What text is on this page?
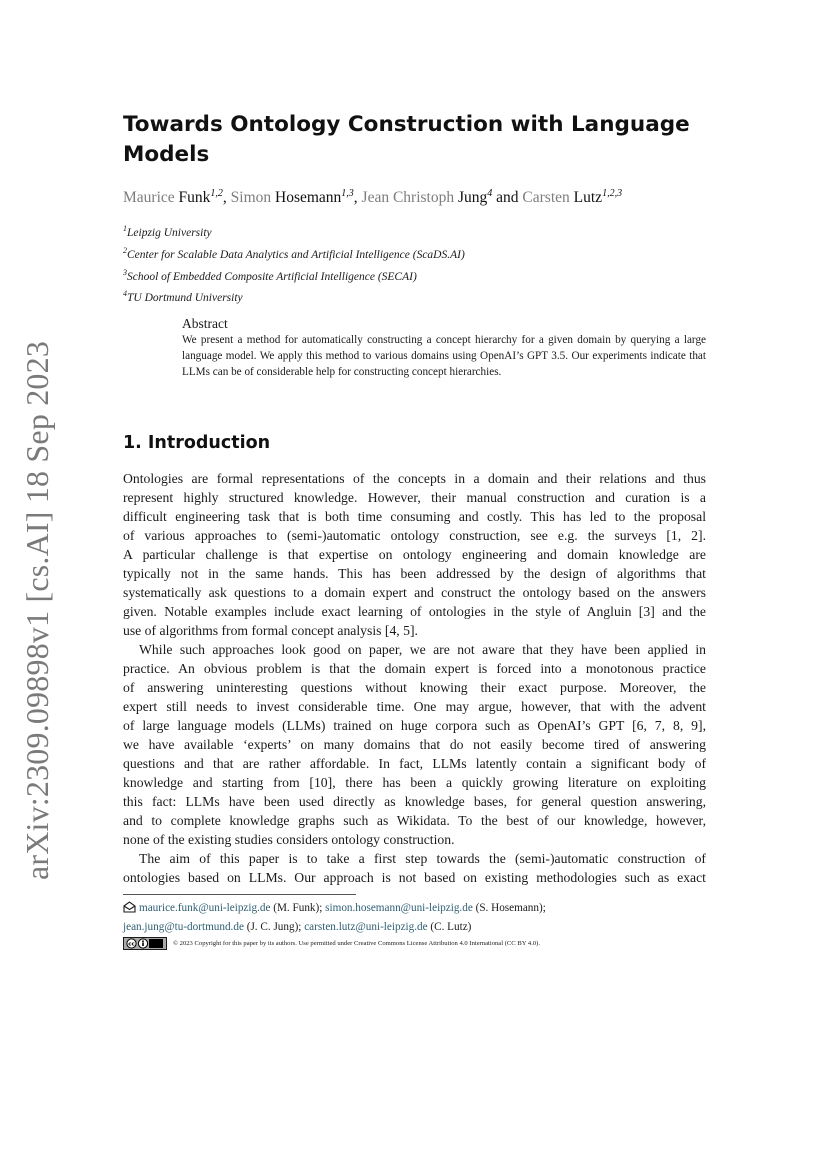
arXiv:2309.09898v1 [cs.AI] 18 Sep 2023
Towards Ontology Construction with Language
Models
Maurice Funk$^{1,2}$, Simon Hosemann$^{1,3}$, Jean Christoph Jung$^4$ and Carsten Lutz$^{1,2,3}$
$^1$Leipzig University
$^2$Center for Scalable Data Analytics and Artificial Intelligence (ScaDS.AI)
$^3$School of Embedded Composite Artificial Intelligence (SECAI)
$^4$TU Dortmund University
Abstract
We present a method for automatically constructing a concept hierarchy for a given domain by querying a large language model. We apply this method to various domains using OpenAI’s GPT 3.5. Our experiments indicate that LLMs can be of considerable help for constructing concept hierarchies.
1. Introduction
Ontologies are formal representations of the concepts in a domain and their relations and thus
represent highly structured knowledge. However, their manual construction and curation is a
difficult engineering task that is both time consuming and costly. This has led to the proposal
of various approaches to (semi-)automatic ontology construction, see e.g. the surveys [1, 2].
A particular challenge is that expertise on ontology engineering and domain knowledge are
typically not in the same hands. This has been addressed by the design of algorithms that
systematically ask questions to a domain expert and construct the ontology based on the answers
given. Notable examples include exact learning of ontologies in the style of Angluin [3] and the
use of algorithms from formal concept analysis [4, 5].
While such approaches look good on paper, we are not aware that they have been applied in
practice. An obvious problem is that the domain expert is forced into a monotonous practice
of answering uninteresting questions without knowing their exact purpose. Moreover, the
expert still needs to invest considerable time. One may argue, however, that with the advent
of large language models (LLMs) trained on huge corpora such as OpenAI’s GPT [6, 7, 8, 9],
we have available ‘experts’ on many domains that do not easily become tired of answering
questions and that are rather affordable. In fact, LLMs latently contain a significant body of
knowledge and starting from [10], there has been a quickly growing literature on exploiting
this fact: LLMs have been used directly as knowledge bases, for general question answering,
and to complete knowledge graphs such as Wikidata. To the best of our knowledge, however,
none of the existing studies considers ontology construction.
The aim of this paper is to take a first step towards the (semi-)automatic construction of
ontologies based on LLMs. Our approach is not based on existing methodologies such as exact
maurice.funk@uni-leipzig.de (M. Funk); simon.hosemann@uni-leipzig.de (S. Hosemann);
jean.jung@tu-dortmund.de (J. C. Jung); carsten.lutz@uni-leipzig.de (C. Lutz)
cc	© 2023 Copyright for this paper by its authors. Use permitted under Creative Commons License Attribution 4.0 International (CC BY 4.0).
